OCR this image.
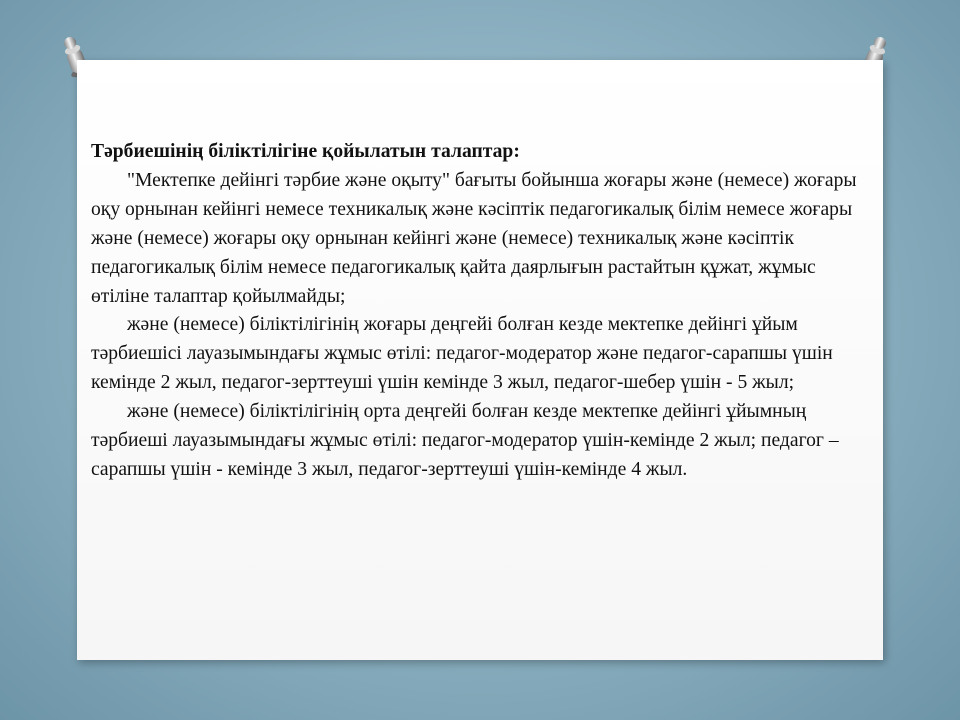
Тәрбиешінің біліктілігіне қойылатын талаптар:

"Мектепке дейінгі тәрбие және оқыту" бағыты бойынша жоғары және (немесе) жоғары оқу орнынан кейінгі немесе техникалық және кәсіптік педагогикалық білім немесе жоғары және (немесе) жоғары оқу орнынан кейінгі және (немесе) техникалық және кәсіптік педагогикалық білім немесе педагогикалық қайта даярлығын растайтын құжат, жұмыс өтіліне талаптар қойылмайды;

және (немесе) біліктілігінің жоғары деңгейі болған кезде мектепке дейінгі ұйым тәрбиешісі лауазымындағы жұмыс өтілі: педагог-модератор және педагог-сарапшы үшін кемінде 2 жыл, педагог-зерттеуші үшін кемінде 3 жыл, педагог-шебер үшін - 5 жыл;

және (немесе) біліктілігінің орта деңгейі болған кезде мектепке дейінгі ұйымның тәрбиеші лауазымындағы жұмыс өтілі: педагог-модератор үшін-кемінде 2 жыл; педагог – сарапшы үшін - кемінде 3 жыл, педагог-зерттеуші үшін-кемінде 4 жыл.
